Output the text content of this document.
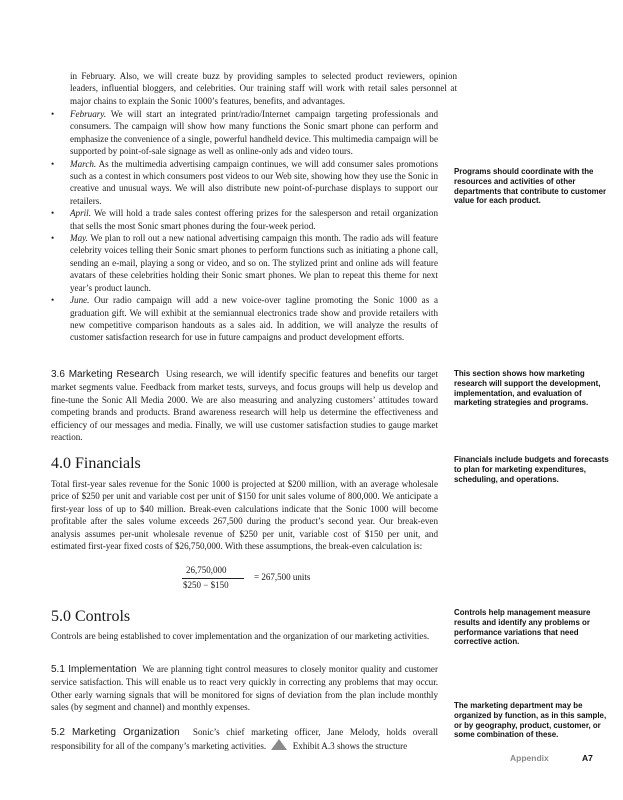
in February. Also, we will create buzz by providing samples to selected product reviewers, opinion leaders, influential bloggers, and celebrities. Our training staff will work with retail sales personnel at major chains to explain the Sonic 1000’s features, benefits, and advantages.
• February. We will start an integrated print/radio/Internet campaign targeting professionals and consumers. The campaign will show how many functions the Sonic smart phone can perform and emphasize the convenience of a single, powerful handheld device. This multimedia campaign will be supported by point-of-sale signage as well as online-only ads and video tours.
• March. As the multimedia advertising campaign continues, we will add consumer sales promotions such as a contest in which consumers post videos to our Web site, showing how they use the Sonic in creative and unusual ways. We will also distribute new point-of-purchase displays to support our retailers.
• April. We will hold a trade sales contest offering prizes for the salesperson and retail organization that sells the most Sonic smart phones during the four-week period.
• May. We plan to roll out a new national advertising campaign this month. The radio ads will feature celebrity voices telling their Sonic smart phones to perform functions such as initiating a phone call, sending an e-mail, playing a song or video, and so on. The stylized print and online ads will feature avatars of these celebrities holding their Sonic smart phones. We plan to repeat this theme for next year’s product launch.
• June. Our radio campaign will add a new voice-over tagline promoting the Sonic 1000 as a graduation gift. We will exhibit at the semiannual electronics trade show and provide retailers with new competitive comparison handouts as a sales aid. In addition, we will analyze the results of customer satisfaction research for use in future campaigns and product development efforts.
3.6 Marketing Research Using research, we will identify specific features and benefits our target market segments value. Feedback from market tests, surveys, and focus groups will help us develop and fine-tune the Sonic All Media 2000. We are also measuring and analyzing customers’ attitudes toward competing brands and products. Brand awareness research will help us determine the effectiveness and efficiency of our messages and media. Finally, we will use customer satisfaction studies to gauge market reaction.
4.0 Financials
Total first-year sales revenue for the Sonic 1000 is projected at $200 million, with an average wholesale price of $250 per unit and variable cost per unit of $150 for unit sales volume of 800,000. We anticipate a first-year loss of up to $40 million. Break-even calculations indicate that the Sonic 1000 will become profitable after the sales volume exceeds 267,500 during the product’s second year. Our break-even analysis assumes per-unit wholesale revenue of $250 per unit, variable cost of $150 per unit, and estimated first-year fixed costs of $26,750,000. With these assumptions, the break-even calculation is:
26,750,000
$250 − $150
= 267,500 units
5.0 Controls
Controls are being established to cover implementation and the organization of our marketing activities.
5.1 Implementation We are planning tight control measures to closely monitor quality and customer service satisfaction. This will enable us to react very quickly in correcting any problems that may occur. Other early warning signals that will be monitored for signs of deviation from the plan include monthly sales (by segment and channel) and monthly expenses.
5.2 Marketing Organization Sonic’s chief marketing officer, Jane Melody, holds overall responsibility for all of the company’s marketing activities.	Exhibit A.3 shows the structure
Programs should coordinate with the resources and activities of other departments that contribute to customer value for each product.
This section shows how marketing research will support the development, implementation, and evaluation of marketing strategies and programs.
Financials include budgets and forecasts to plan for marketing expenditures, scheduling, and operations.
Controls help management measure results and identify any problems or performance variations that need corrective action.
The marketing department may be organized by function, as in this sample, or by geography, product, customer, or some combination of these.
Appendix	A7
